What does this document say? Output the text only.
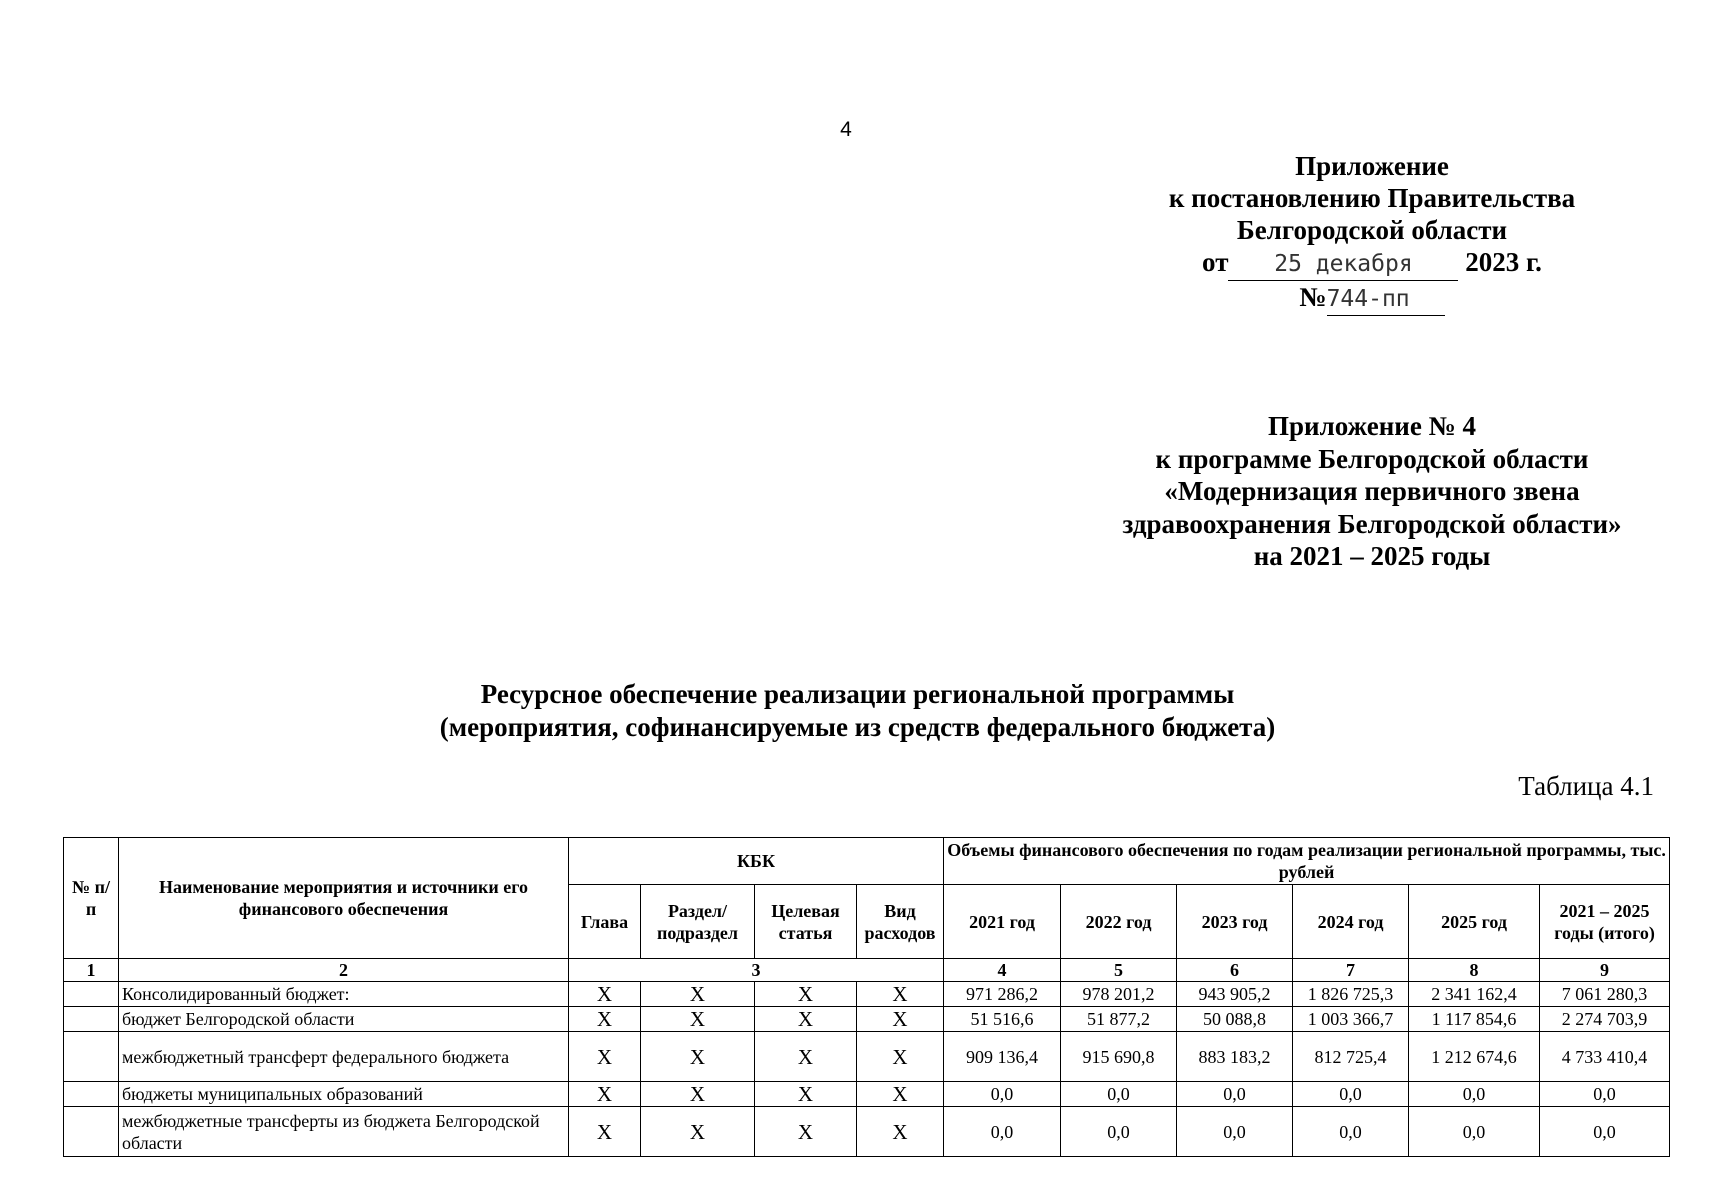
4
Приложение
к постановлению Правительства
Белгородской области
от 25 декабря 2023 г.
№744-пп
Приложение № 4
к программе Белгородской области
«Модернизация первичного звена
здравоохранения Белгородской области»
на 2021 – 2025 годы
Ресурсное обеспечение реализации региональной программы
(мероприятия, софинансируемые из средств федерального бюджета)
Таблица 4.1
№ п/п	Наименование мероприятия и источники его финансового обеспечения	КБК				Объемы финансового обеспечения по годам реализации региональной программы, тыс. рублей					
		Глава	Раздел/ подраздел	Целевая статья	Вид расходов	2021 год	2022 год	2023 год	2024 год	2025 год	2021 – 2025 годы (итого)
1	2	3				4	5	6	7	8	9
	Консолидированный бюджет:	Х	Х	Х	Х	971 286,2	978 201,2	943 905,2	1 826 725,3	2 341 162,4	7 061 280,3
	бюджет Белгородской области	Х	Х	Х	Х	51 516,6	51 877,2	50 088,8	1 003 366,7	1 117 854,6	2 274 703,9
	межбюджетный трансферт федерального бюджета	Х	Х	Х	Х	909 136,4	915 690,8	883 183,2	812 725,4	1 212 674,6	4 733 410,4
	бюджеты муниципальных образований	Х	Х	Х	Х	0,0	0,0	0,0	0,0	0,0	0,0
	межбюджетные трансферты из бюджета Белгородской области	Х	Х	Х	Х	0,0	0,0	0,0	0,0	0,0	0,0
